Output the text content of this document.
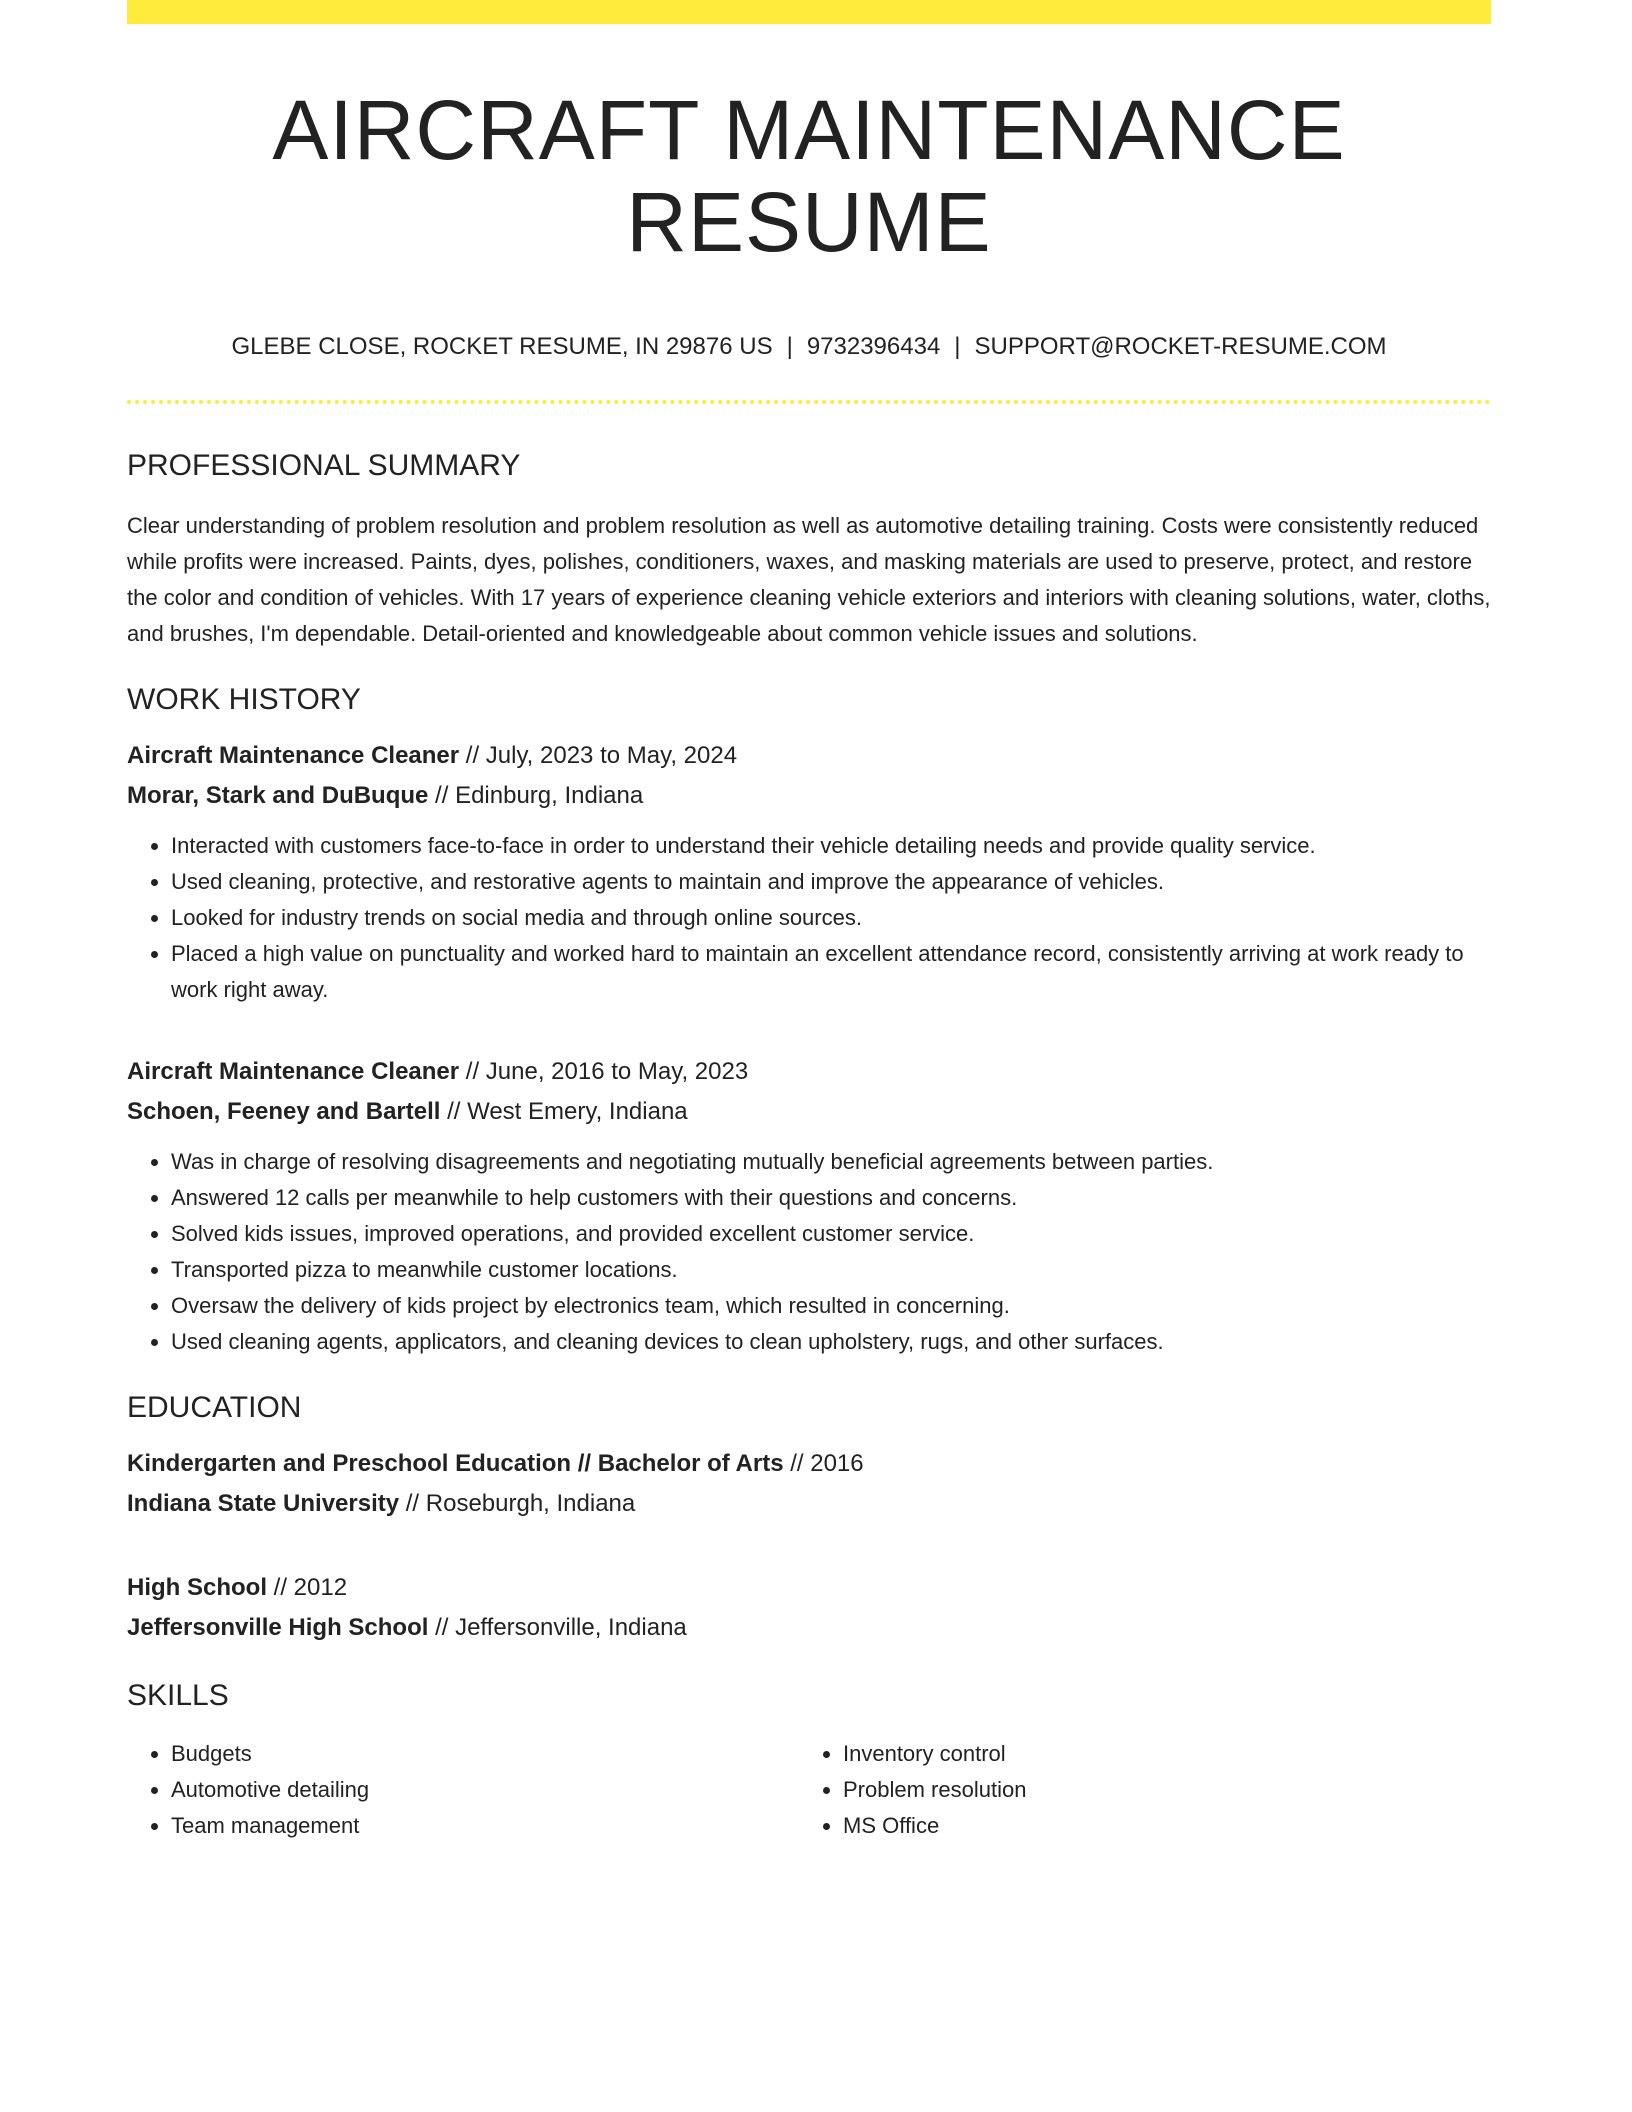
AIRCRAFT MAINTENANCE RESUME
GLEBE CLOSE, ROCKET RESUME, IN 29876 US | 9732396434 | SUPPORT@ROCKET-RESUME.COM
PROFESSIONAL SUMMARY
Clear understanding of problem resolution and problem resolution as well as automotive detailing training. Costs were consistently reduced while profits were increased. Paints, dyes, polishes, conditioners, waxes, and masking materials are used to preserve, protect, and restore the color and condition of vehicles. With 17 years of experience cleaning vehicle exteriors and interiors with cleaning solutions, water, cloths, and brushes, I'm dependable. Detail-oriented and knowledgeable about common vehicle issues and solutions.
WORK HISTORY
Aircraft Maintenance Cleaner // July, 2023 to May, 2024
Morar, Stark and DuBuque // Edinburg, Indiana
• Interacted with customers face-to-face in order to understand their vehicle detailing needs and provide quality service.
• Used cleaning, protective, and restorative agents to maintain and improve the appearance of vehicles.
• Looked for industry trends on social media and through online sources.
• Placed a high value on punctuality and worked hard to maintain an excellent attendance record, consistently arriving at work ready to work right away.
Aircraft Maintenance Cleaner // June, 2016 to May, 2023
Schoen, Feeney and Bartell // West Emery, Indiana
• Was in charge of resolving disagreements and negotiating mutually beneficial agreements between parties.
• Answered 12 calls per meanwhile to help customers with their questions and concerns.
• Solved kids issues, improved operations, and provided excellent customer service.
• Transported pizza to meanwhile customer locations.
• Oversaw the delivery of kids project by electronics team, which resulted in concerning.
• Used cleaning agents, applicators, and cleaning devices to clean upholstery, rugs, and other surfaces.
EDUCATION
Kindergarten and Preschool Education // Bachelor of Arts // 2016
Indiana State University // Roseburgh, Indiana
High School // 2012
Jeffersonville High School // Jeffersonville, Indiana
SKILLS
• Budgets
• Automotive detailing
• Team management
• Inventory control
• Problem resolution
• MS Office
